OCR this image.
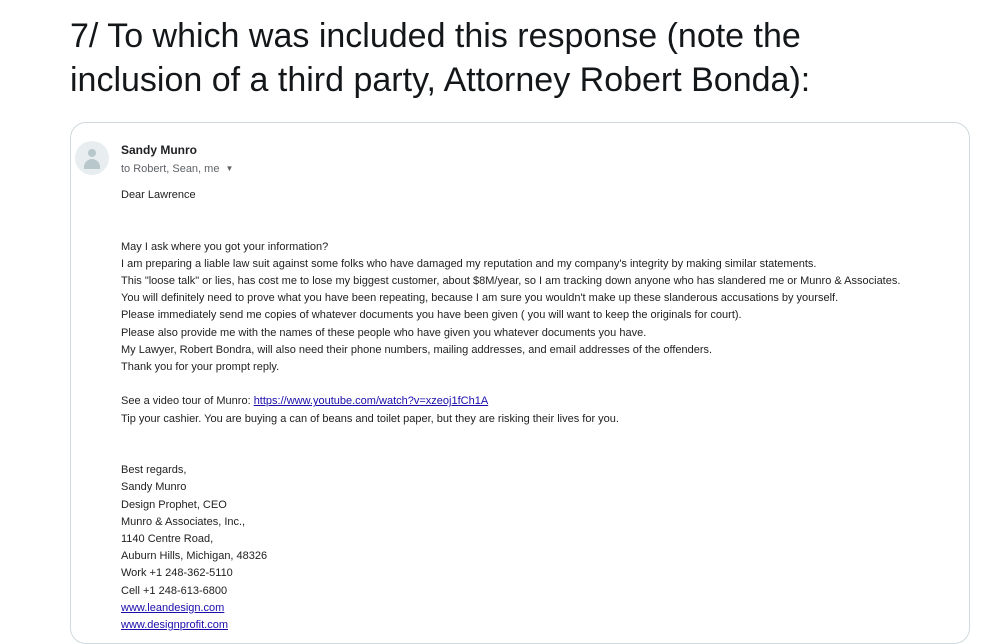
7/ To which was included this response (note the
inclusion of a third party, Attorney Robert Bonda):
Sandy Munro
to Robert, Sean, me ▼
Dear Lawrence
May I ask where you got your information?
I am preparing a liable law suit against some folks who have damaged my reputation and my company's integrity by making similar statements.
This "loose talk" or lies, has cost me to lose my biggest customer, about $8M/year, so I am tracking down anyone who has slandered me or Munro & Associates.
You will definitely need to prove what you have been repeating, because I am sure you wouldn't make up these slanderous accusations by yourself.
Please immediately send me copies of whatever documents you have been given ( you will want to keep the originals for court).
Please also provide me with the names of these people who have given you whatever documents you have.
My Lawyer, Robert Bondra, will also need their phone numbers, mailing addresses, and email addresses of the offenders.
Thank you for your prompt reply.
See a video tour of Munro: https://www.youtube.com/watch?v=xzeoj1fCh1A
Tip your cashier. You are buying a can of beans and toilet paper, but they are risking their lives for you.
Best regards,
Sandy Munro
Design Prophet, CEO
Munro & Associates, Inc.,
1140 Centre Road,
Auburn Hills, Michigan, 48326
Work +1 248-362-5110
Cell +1 248-613-6800
www.leandesign.com
www.designprofit.com
